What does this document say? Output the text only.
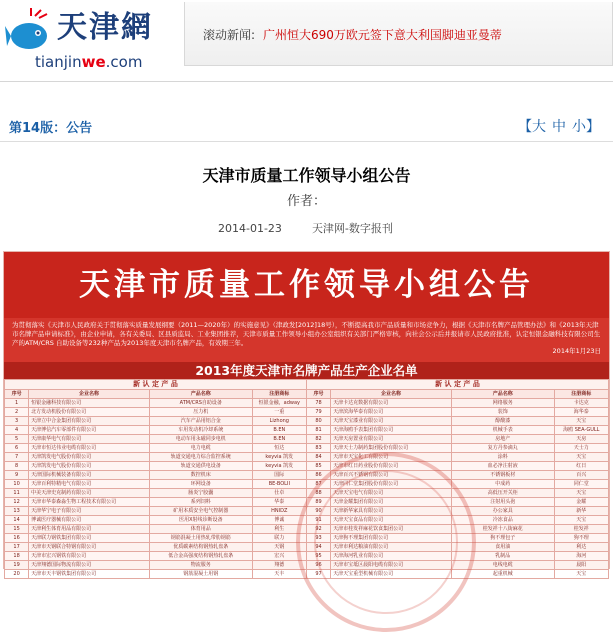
天津網
tianjinwe.com
滚动新闻: 广州恒大690万欧元签下意大利国脚迪亚曼蒂
第14版：公告	【大 中 小】
天津市质量工作领导小组公告
作者：
2014-01-23	天津网-数字报刊
天津市质量工作领导小组公告
为贯彻落实《天津市人民政府关于贯彻落实质量发展纲要（2011—2020年）的实施意见》（津政发[2012]18号），不断提高我市产品质量和市场竞争力，根据《天津市名牌产品管理办法》和《2013年天津市名牌产品申请标准》，由企业申请，各有关委局、区县质监局、工业集团推荐，天津市质量工作领导小组办公室组织有关部门严格审核，向社会公示后并报请市人民政府批准，认定恒银金融科技有限公司生产的ATM/CRS 自助设备等232种产品为2013年度天津市名牌产品，有效期三年。
2014年1月23日
2013年度天津市名牌产品生产企业名单
新 认 定 产 品				新 认 定 产 品			
序号	企业名称	产品名称	注册商标	序号	企业名称	产品名称	注册商标
1	恒银金融科技有限公司	ATM/CRS自助设备	恒银金融，adway	78	天津卡达克数据有限公司	网络服务	卡达克
2	北方发动机股份有限公司	压力机	一重	79	天津滨海华泰有限公司	装饰	海华泰
3	天津立中合金集团有限公司	汽车产品用铝合金	Lizhong	80	天津天宝漆业有限公司	醇酸漆	天宝
4	天津博信汽车零部件有限公司	车用发动机冷却系统	B.EN	81	天津海鸥手表集团有限公司	机械手表	海鸥 SEA-GULL
5	天津康华电气有限公司	电动车用永磁同步电机	B.EN	82	天津天房置业有限公司	房地产	天房
6	天津市恒达伟业电缆有限公司	电力电缆	恒达	83	天津天士力制药集团股份有限公司	复方丹参滴丸	天士力
7	天津凯发电气股份有限公司	轨道交通电力综合监控系统	keyvia 凯发	84	天津市天宝化工有限公司	涂料	天宝
8	天津凯发电气股份有限公司	轨道交通供电设备	keyvia 凯发	85	天津市红日药业股份有限公司	血必净注射液	红日
9	天津国际机械装备有限公司	数控机床	国际	86	天津百兴不锈钢有限公司	不锈钢板材	百兴
10	天津百利特精电气有限公司	环网设备	BE-BOLII	87	天津同仁堂集团股份有限公司	中成药	同仁堂
11	中美天津史克制药有限公司	肠炎宁胶囊	仕卓	88	天津天宝电气有限公司	高低压开关柜	天宝
12	天津市华泰森淼生物工程技术有限公司	系列饲料	华泰	89	天津金耀集团有限公司	注射用头孢	金耀
13	天津华宁电子有限公司	矿用本质安全电气控制器	HNIDZ	90	天津新华家具有限公司	办公家具	新华
14	博诚医疗器械有限公司	医用X射线诊断设备	博诚	91	天津天宝食品有限公司	冷冻食品	天宝
15	天津利生体育用品有限公司	体育用品	利生	92	天津市桂发祥麻花饮食集团公司	桂发祥十八街麻花	桂发祥
16	天津联力钢铁集团有限公司	钢筋混凝土用热轧带肋钢筋	联力	93	天津狗不理集团有限公司	狗不理包子	狗不理
17	天津市天钢联合特钢有限公司	优质碳素结构钢热轧盘条	天钢	94	天津市利达粮油有限公司	食用油	利达
18	天津市宏兴钢铁有限公司	低合金高强度结构钢热轧盘条	宏兴	95	天津海河乳业有限公司	乳制品	海河
19	天津翔德国际物流有限公司	物流服务	翔德	96	天津市宝坻区晨阳电缆有限公司	电线电缆	晨阳
20	天津市天丰钢铁集团有限公司	钢筋混凝土用钢	天丰	97	天津天宝重型机械有限公司	起重机械	天宝
